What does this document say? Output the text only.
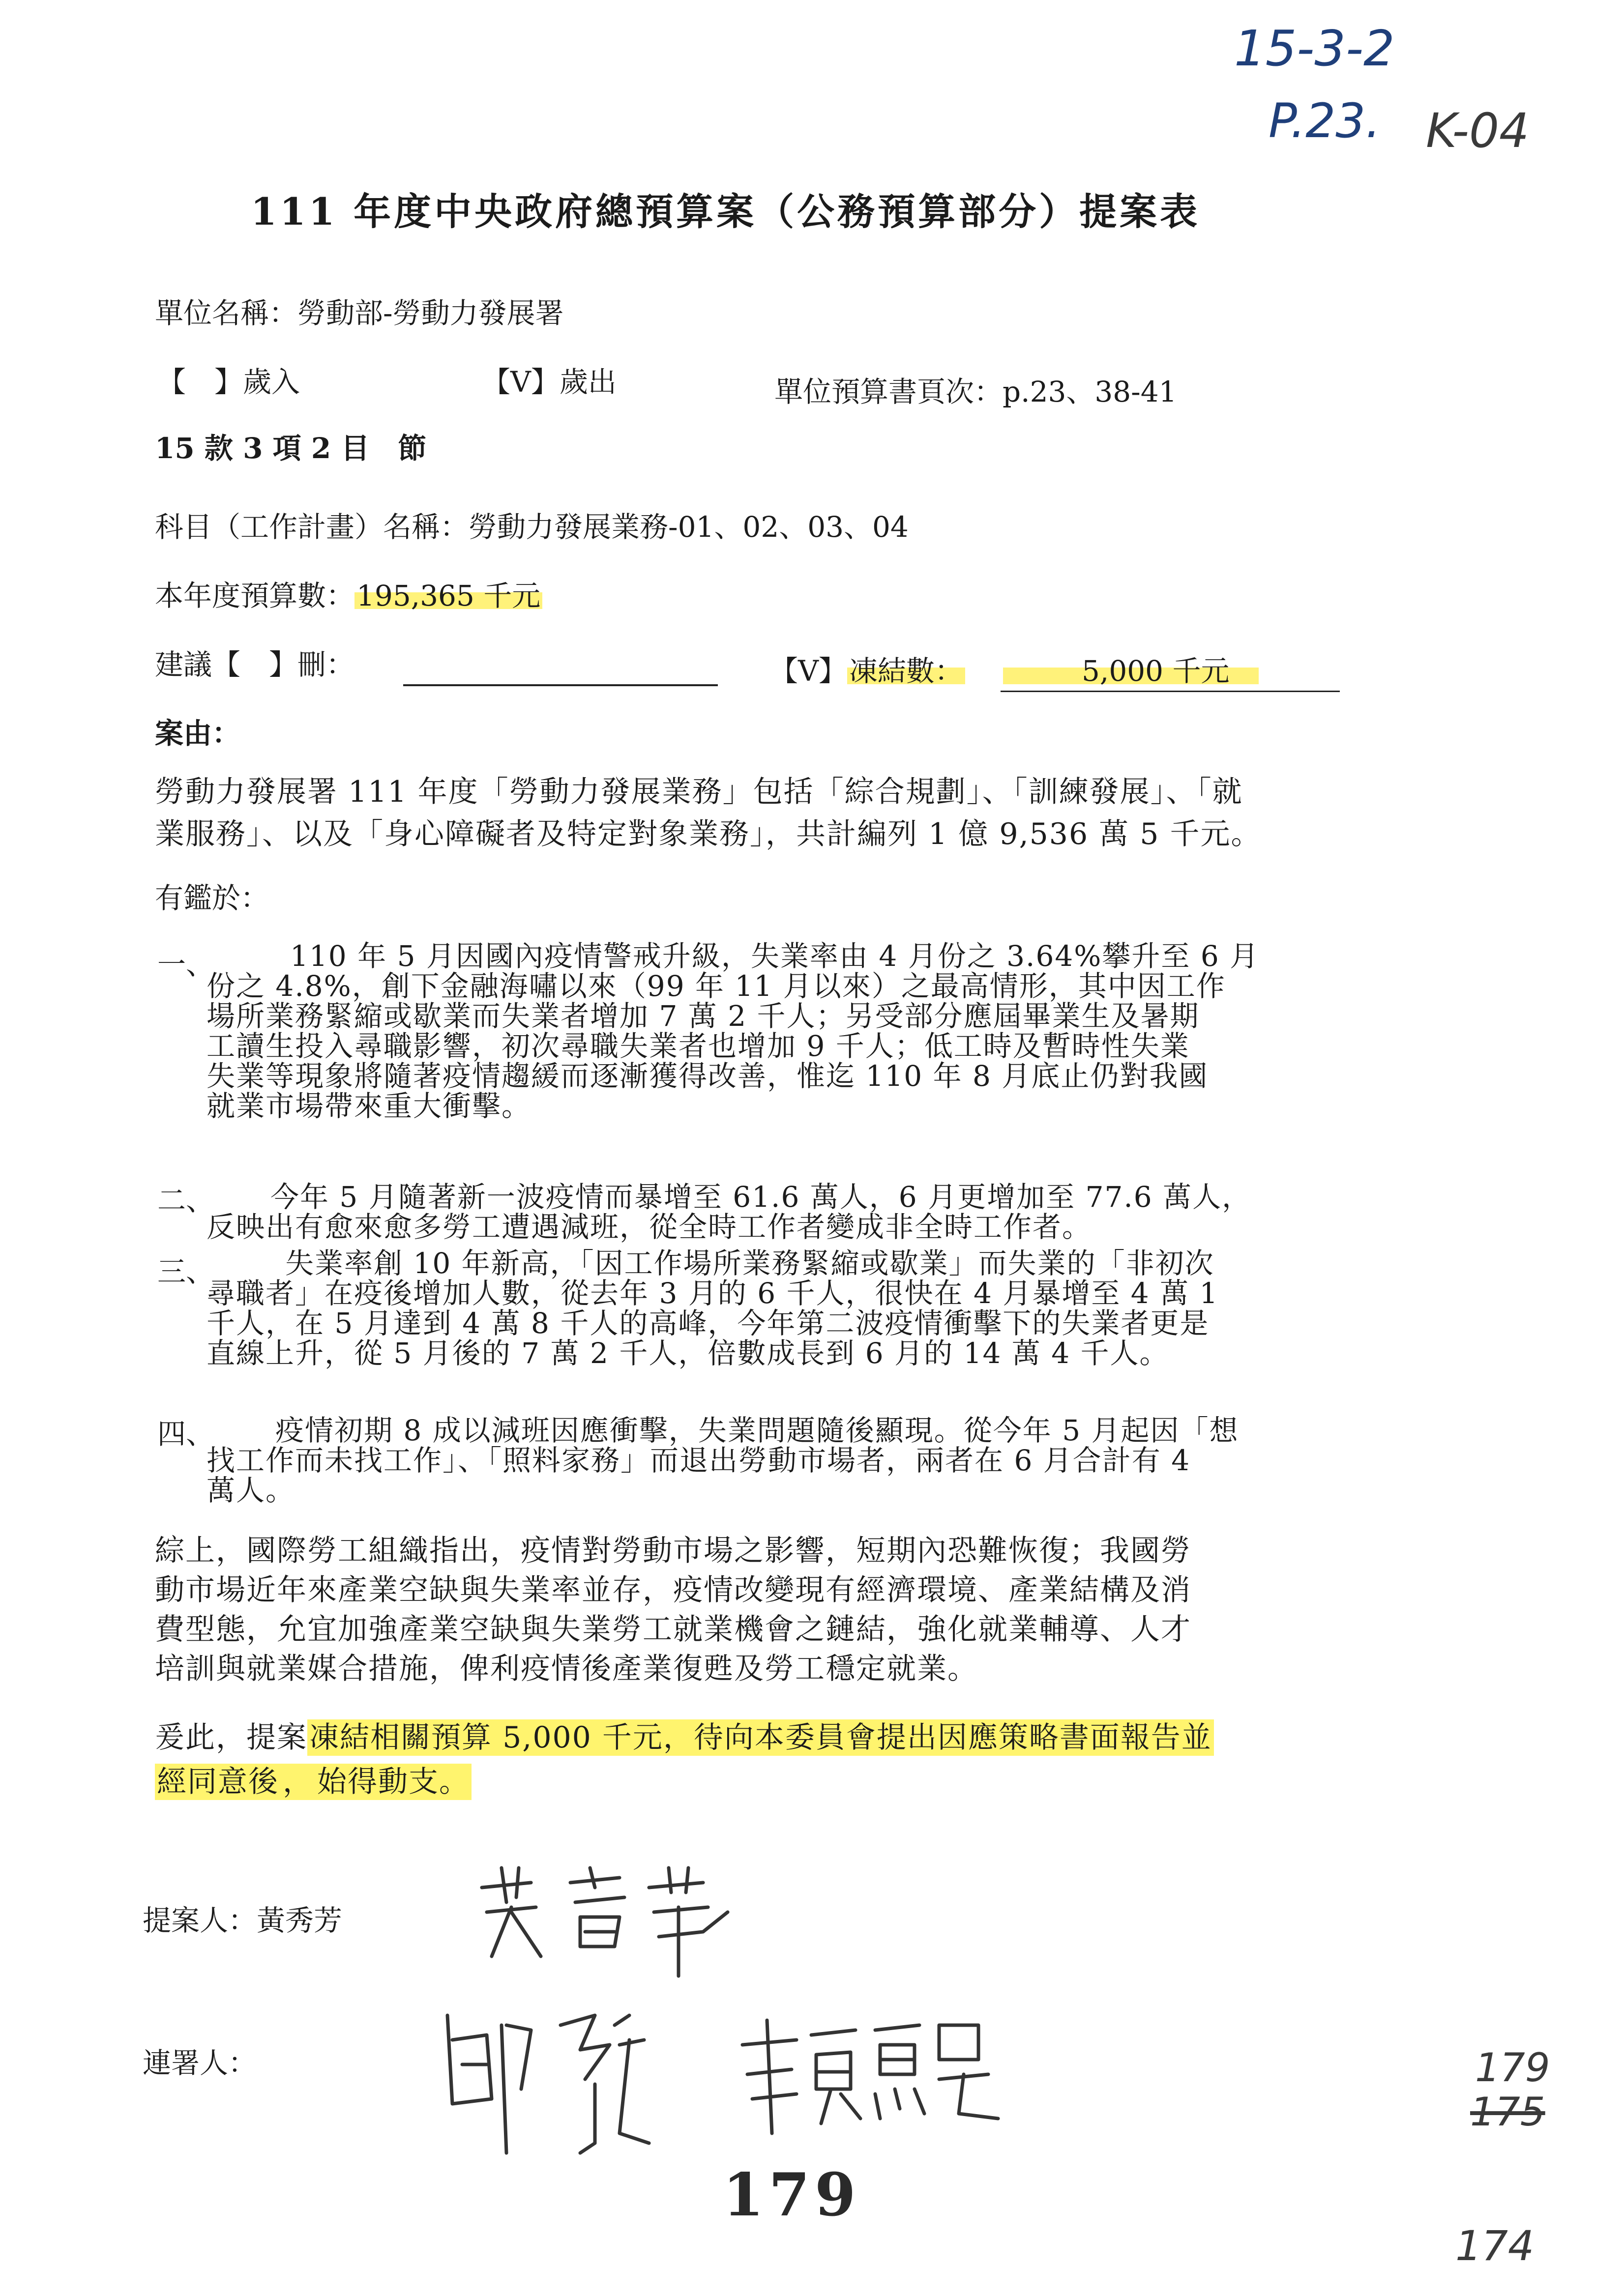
15-3-2
P.23. K-04
111 年度中央政府總預算案（公務預算部分）提案表
單位名稱：勞動部-勞動力發展署
【　】歲入	【V】歲出	單位預算書頁次：p.23、38-41
15 款 3 項 2 目　節
科目（工作計畫）名稱：勞動力發展業務-01、02、03、04
本年度預算數：195,365 千元
建議【　】刪：	【V】凍結數：	5,000 千元
案由：
勞動力發展署 111 年度「勞動力發展業務」包括「綜合規劃」、「訓練發展」、「就
業服務」、以及「身心障礙者及特定對象業務」，共計編列 1 億 9,536 萬 5 千元。
有鑑於：
一、	110 年 5 月因國內疫情警戒升級，失業率由 4 月份之 3.64%攀升至 6 月
份之 4.8%，創下金融海嘯以來（99 年 11 月以來）之最高情形，其中因工作
場所業務緊縮或歇業而失業者增加 7 萬 2 千人；另受部分應屆畢業生及暑期
工讀生投入尋職影響，初次尋職失業者也增加 9 千人；低工時及暫時性失業
失業等現象將隨著疫情趨緩而逐漸獲得改善，惟迄 110 年 8 月底止仍對我國
就業市場帶來重大衝擊。
二、	今年 5 月隨著新一波疫情而暴增至 61.6 萬人，6 月更增加至 77.6 萬人，
反映出有愈來愈多勞工遭遇減班，從全時工作者變成非全時工作者。
三、	失業率創 10 年新高，「因工作場所業務緊縮或歇業」而失業的「非初次
尋職者」在疫後增加人數，從去年 3 月的 6 千人，很快在 4 月暴增至 4 萬 1
千人，在 5 月達到 4 萬 8 千人的高峰，今年第二波疫情衝擊下的失業者更是
直線上升，從 5 月後的 7 萬 2 千人，倍數成長到 6 月的 14 萬 4 千人。
四、	疫情初期 8 成以減班因應衝擊，失業問題隨後顯現。從今年 5 月起因「想
找工作而未找工作」、「照料家務」而退出勞動市場者，兩者在 6 月合計有 4
萬人。
綜上，國際勞工組織指出，疫情對勞動市場之影響，短期內恐難恢復；我國勞
動市場近年來產業空缺與失業率並存，疫情改變現有經濟環境、產業結構及消
費型態，允宜加強產業空缺與失業勞工就業機會之鏈結，強化就業輔導、人才
培訓與就業媒合措施，俾利疫情後產業復甦及勞工穩定就業。
爰此，提案凍結相關預算 5,000 千元，待向本委員會提出因應策略書面報告並
經同意後 ， 始得動支。
提案人：黃秀芳
連署人：
179
179
175
174
